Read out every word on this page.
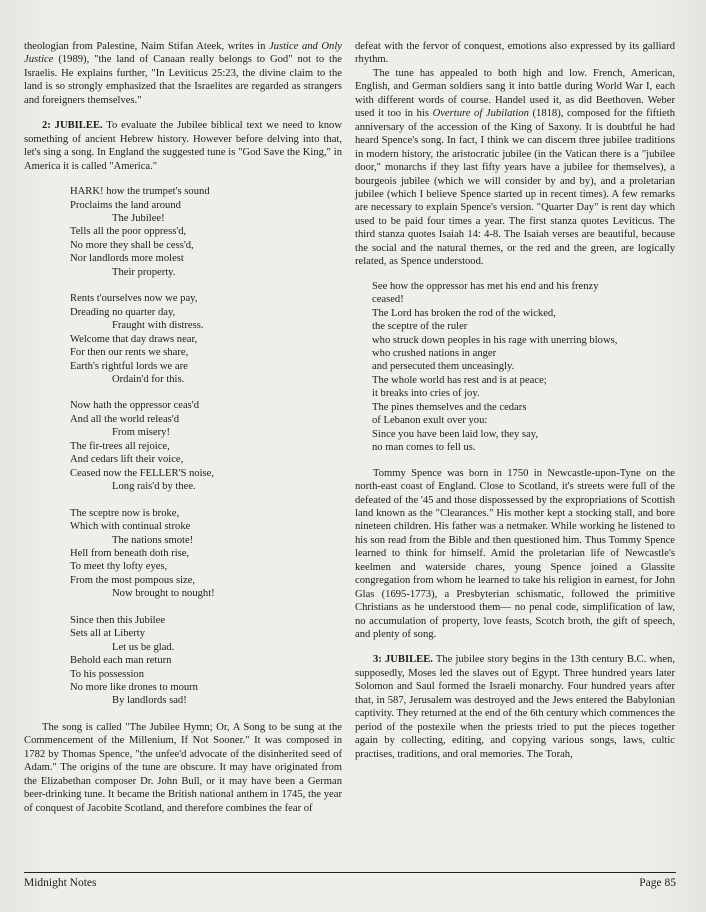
theologian from Palestine, Naim Stifan Ateek, writes in Justice and Only Justice (1989), "the land of Canaan really belongs to God" not to the Israelis. He explains further, "In Leviticus 25:23, the divine claim to the land is so strongly emphasized that the Israelites are regarded as strangers and foreigners themselves."

2: JUBILEE. To evaluate the Jubilee biblical text we need to know something of ancient Hebrew history. However before delving into that, let's sing a song. In England the suggested tune is "God Save the King," in America it is called "America."

HARK! how the trumpet's sound
Proclaims the land around
The Jubilee!
Tells all the poor oppress'd,
No more they shall be cess'd,
Nor landlords more molest
Their property.
Rents t'ourselves now we pay,
Dreading no quarter day,
Fraught with distress.
Welcome that day draws near,
For then our rents we share,
Earth's rightful lords we are
Ordain'd for this.
Now hath the oppressor ceas'd
And all the world releas'd
From misery!
The fir-trees all rejoice,
And cedars lift their voice,
Ceased now the FELLER'S noise,
Long rais'd by thee.
The sceptre now is broke,
Which with continual stroke
The nations smote!
Hell from beneath doth rise,
To meet thy lofty eyes,
From the most pompous size,
Now brought to nought!
Since then this Jubilee
Sets all at Liberty
Let us be glad.
Behold each man return
To his possession
No more like drones to mourn
By landlords sad!

The song is called "The Jubilee Hymn; Or, A Song to be sung at the Commencement of the Millenium, If Not Sooner." It was composed in 1782 by Thomas Spence, "the unfee'd advocate of the disinherited seed of Adam." The origins of the tune are obscure. It may have originated from the Elizabethan composer Dr. John Bull, or it may have been a German beer-drinking tune. It became the British national anthem in 1745, the year of conquest of Jacobite Scotland, and therefore combines the fear of

defeat with the fervor of conquest, emotions also expressed by its galliard rhythm.

The tune has appealed to both high and low. French, American, English, and German soldiers sang it into battle during World War I, each with different words of course. Handel used it, as did Beethoven. Weber used it too in his Overture of Jubilation (1818), composed for the fiftieth anniversary of the accession of the King of Saxony. It is doubtful he had heard Spence's song. In fact, I think we can discern three jubilee traditions in modern history, the aristocratic jubilee (in the Vatican there is a "jubilee door," monarchs if they last fifty years have a jubilee for themselves), a bourgeois jubilee (which we will consider by and by), and a proletarian jubilee (which I believe Spence started up in recent times). A few remarks are necessary to explain Spence's version. "Quarter Day" is rent day which used to be paid four times a year. The first stanza quotes Leviticus. The third stanza quotes Isaiah 14: 4-8. The Isaiah verses are beautiful, because the social and the natural themes, or the red and the green, are logically related, as Spence understood.

See how the oppressor has met his end and his frenzy
ceased!
The Lord has broken the rod of the wicked,
the sceptre of the ruler
who struck down peoples in his rage with unerring blows,
who crushed nations in anger
and persecuted them unceasingly.
The whole world has rest and is at peace;
it breaks into cries of joy.
The pines themselves and the cedars
of Lebanon exult over you:
Since you have been laid low, they say,
no man comes to fell us.

Tommy Spence was born in 1750 in Newcastle-upon-Tyne on the north-east coast of England. Close to Scotland, it's streets were full of the defeated of the '45 and those dispossessed by the expropriations of Scottish land known as the "Clearances." His mother kept a stocking stall, and bore nineteen children. His father was a netmaker. While working he listened to his son read from the Bible and then questioned him. Thus Tommy Spence learned to think for himself. Amid the proletarian life of Newcastle's keelmen and waterside chares, young Spence joined a Glassite congregation from whom he learned to take his religion in earnest, for John Glas (1695-1773), a Presbyterian schismatic, followed the primitive Christians as he understood them— no penal code, simplification of law, no accumulation of property, love feasts, Scotch broth, the gift of speech, and plenty of song.

3: JUBILEE. The jubilee story begins in the 13th century B.C. when, supposedly, Moses led the slaves out of Egypt. Three hundred years later Solomon and Saul formed the Israeli monarchy. Four hundred years after that, in 587, Jerusalem was destroyed and the Jews entered the Babylonian captivity. They returned at the end of the 6th century which commences the period of the postexile when the priests tried to put the pieces together again by collecting, editing, and copying various songs, laws, cultic practises, traditions, and oral memories. The Torah,

Midnight Notes	Page 85
